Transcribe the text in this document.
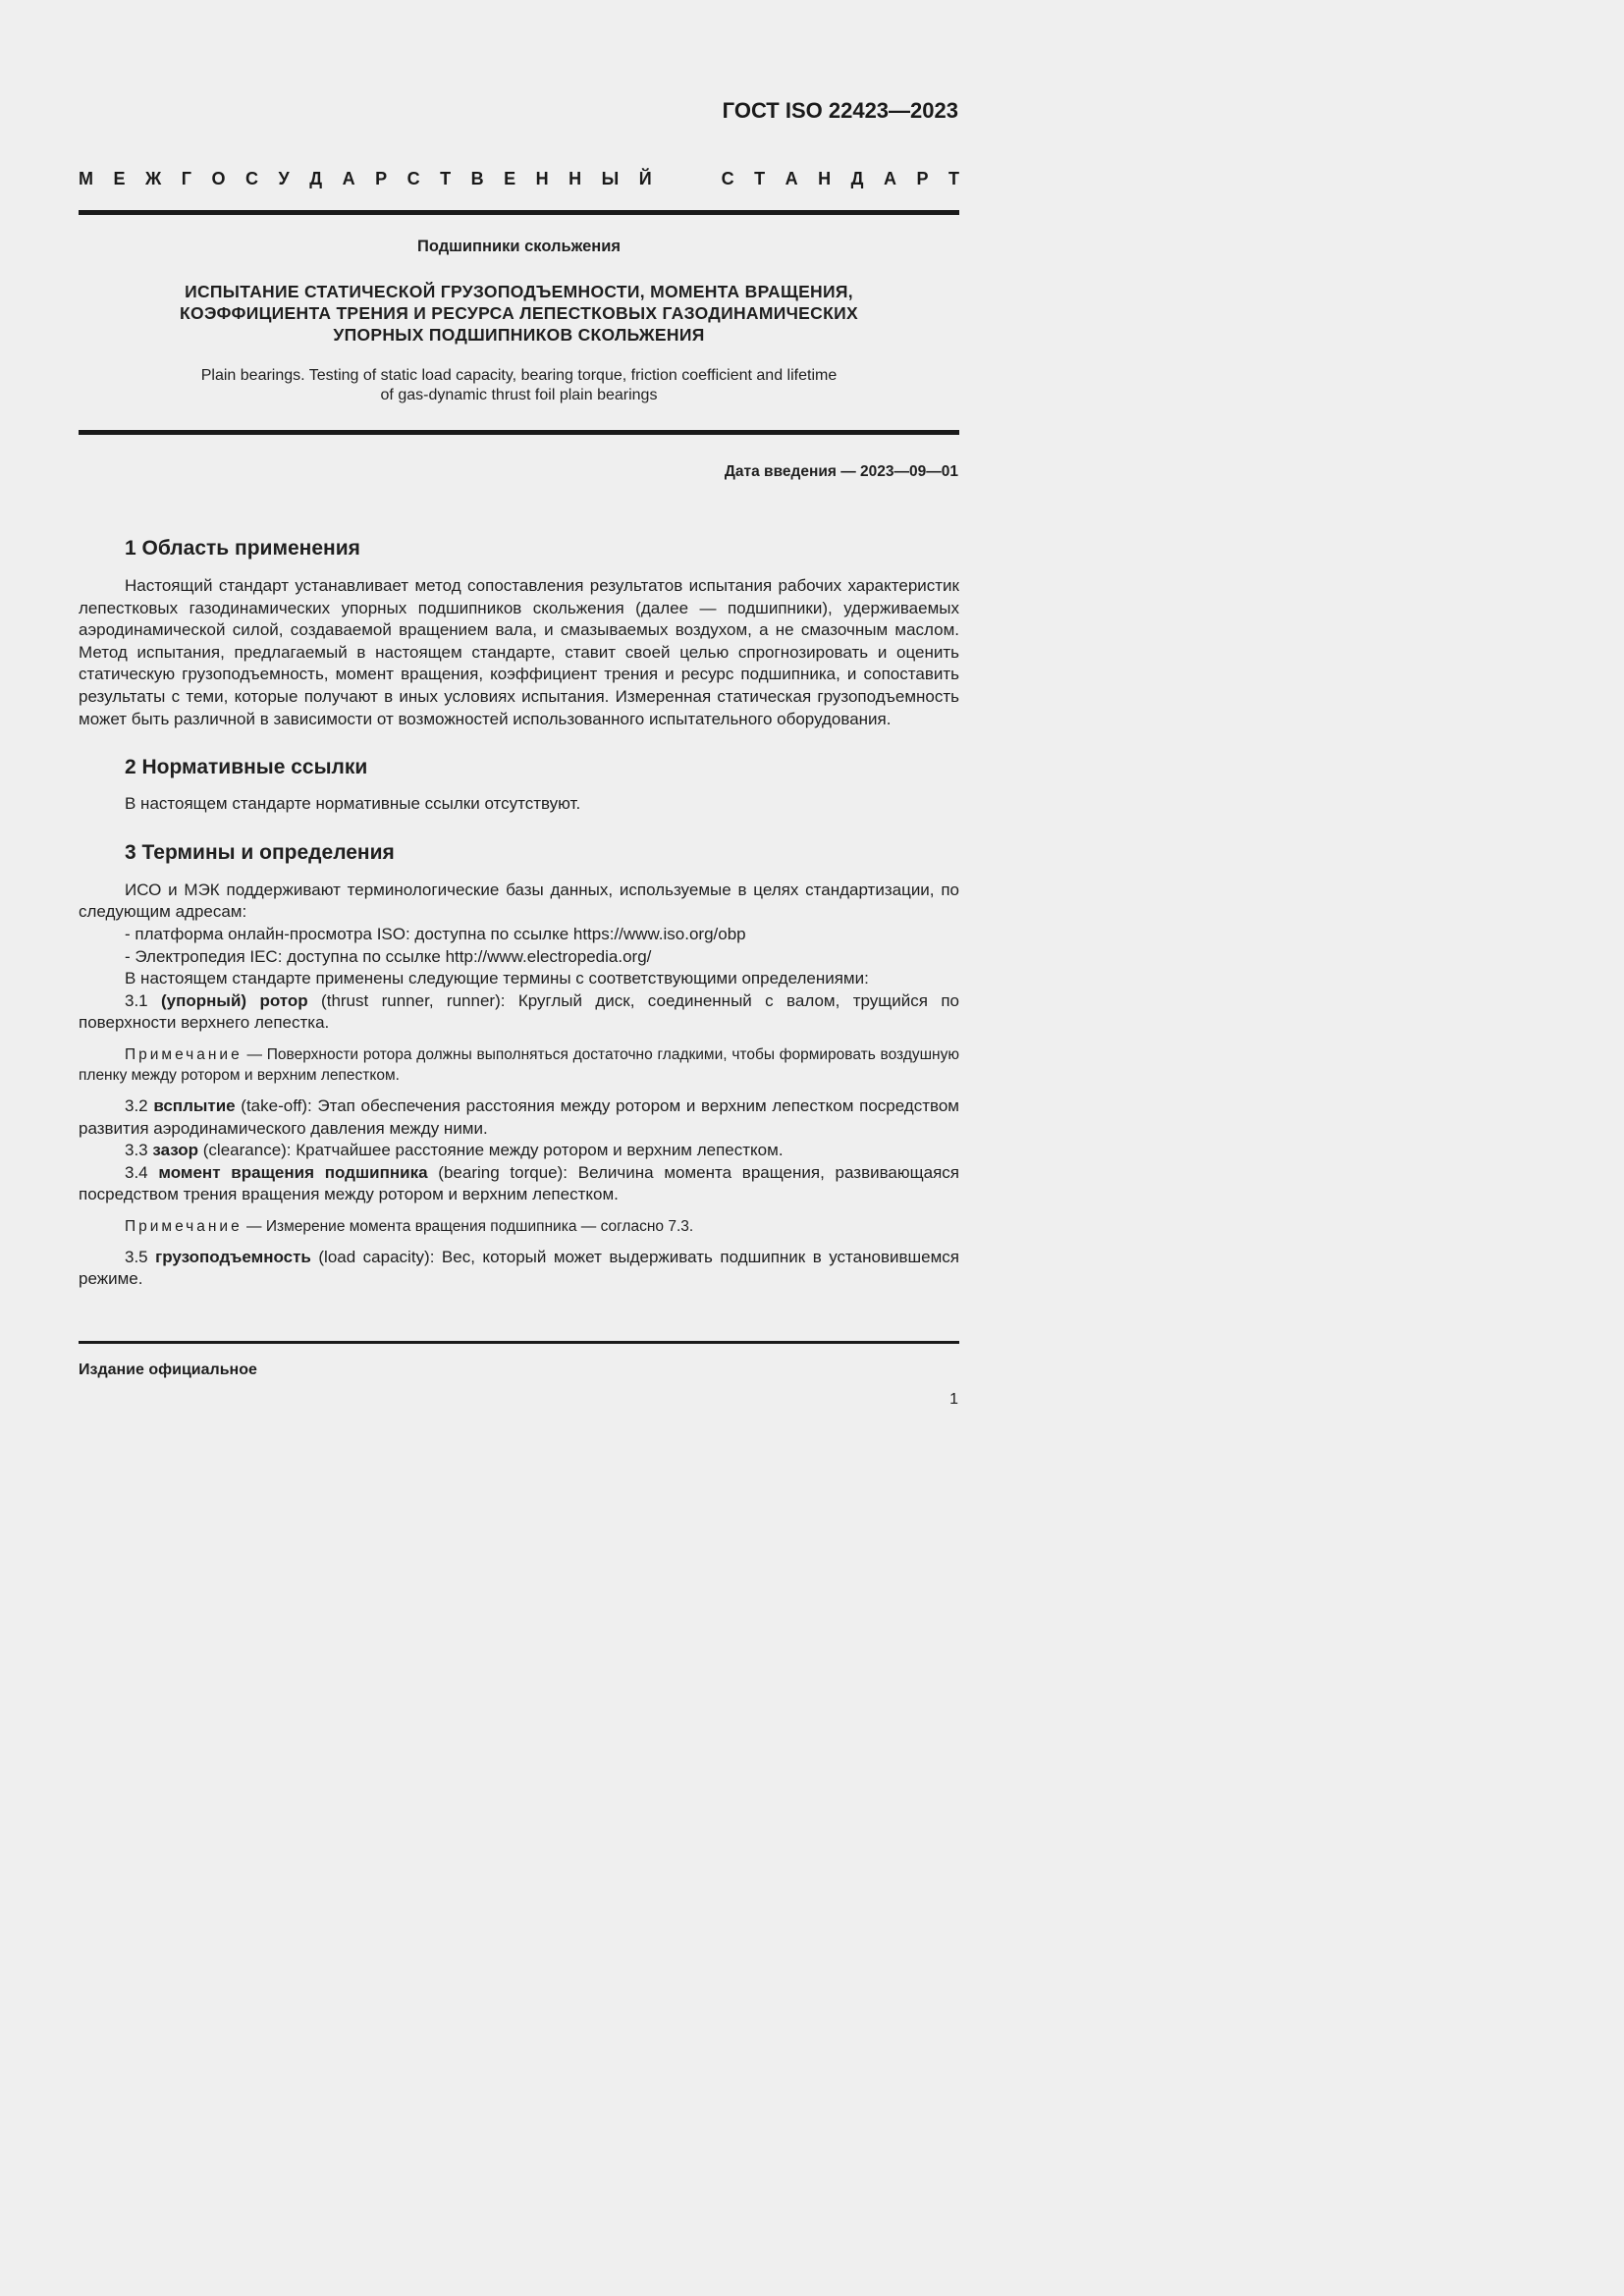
ГОСТ ISO 22423—2023
М Е Ж Г О С У Д А Р С Т В Е Н Н Ы Й	С Т А Н Д А Р Т
Подшипники скольжения
ИСПЫТАНИЕ СТАТИЧЕСКОЙ ГРУЗОПОДЪЕМНОСТИ, МОМЕНТА ВРАЩЕНИЯ,
КОЭФФИЦИЕНТА ТРЕНИЯ И РЕСУРСА ЛЕПЕСТКОВЫХ ГАЗОДИНАМИЧЕСКИХ
УПОРНЫХ ПОДШИПНИКОВ СКОЛЬЖЕНИЯ
Plain bearings. Testing of static load capacity, bearing torque, friction coefficient and lifetime
of gas-dynamic thrust foil plain bearings
Дата введения — 2023—09—01
1 Область применения

Настоящий стандарт устанавливает метод сопоставления результатов испытания рабочих характеристик лепестковых газодинамических упорных подшипников скольжения (далее — подшипники), удерживаемых аэродинамической силой, создаваемой вращением вала, и смазываемых воздухом, а не смазочным маслом. Метод испытания, предлагаемый в настоящем стандарте, ставит своей целью спрогнозировать и оценить статическую грузоподъемность, момент вращения, коэффициент трения и ресурс подшипника, и сопоставить результаты с теми, которые получают в иных условиях испытания. Измеренная статическая грузоподъемность может быть различной в зависимости от возможностей использованного испытательного оборудования.

2 Нормативные ссылки

В настоящем стандарте нормативные ссылки отсутствуют.

3 Термины и определения

ИСО и МЭК поддерживают терминологические базы данных, используемые в целях стандартизации, по следующим адресам:

- платформа онлайн-просмотра ISO: доступна по ссылке https://www.iso.org/obp

- Электропедия IEC: доступна по ссылке http://www.electropedia.org/

В настоящем стандарте применены следующие термины с соответствующими определениями:

3.1 (упорный) ротор (thrust runner, runner): Круглый диск, соединенный с валом, трущийся по поверхности верхнего лепестка.

Примечание — Поверхности ротора должны выполняться достаточно гладкими, чтобы формировать воздушную пленку между ротором и верхним лепестком.

3.2 всплытие (take-off): Этап обеспечения расстояния между ротором и верхним лепестком посредством развития аэродинамического давления между ними.

3.3 зазор (clearance): Кратчайшее расстояние между ротором и верхним лепестком.

3.4 момент вращения подшипника (bearing torque): Величина момента вращения, развивающаяся посредством трения вращения между ротором и верхним лепестком.

Примечание — Измерение момента вращения подшипника — согласно 7.3.

3.5 грузоподъемность (load capacity): Вес, который может выдерживать подшипник в установившемся режиме.

Издание официальное
1
